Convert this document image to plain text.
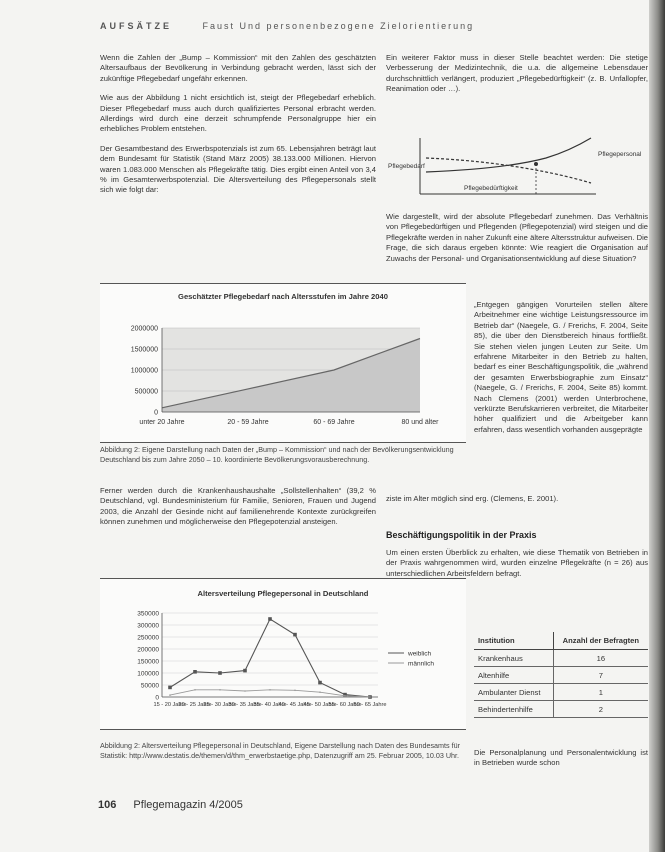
AUFSÄTZE	Faust Und personenbezogene Zielorientierung

Wenn die Zahlen der „Bump – Kommission“ mit den Zahlen des geschätzten Altersaufbaus der Bevölkerung in Verbindung gebracht werden, lässt sich der zukünftige Pflegebedarf ungefähr erkennen.

Wie aus der Abbildung 1 nicht ersichtlich ist, steigt der Pflegebedarf erheblich. Dieser Pflegebedarf muss auch durch qualifiziertes Personal erbracht werden. Allerdings wird durch eine derzeit schrumpfende Personalgruppe hier ein erhebliches Problem entstehen.

Der Gesamtbestand des Erwerbspotenzials ist zum 65. Lebensjahren beträgt laut dem Bundesamt für Statistik (Stand März 2005) 38.133.000 Millionen. Hiervon waren 1.083.000 Menschen als Pflegekräfte tätig. Dies ergibt einen Anteil von 3,4 % im Gesamterwerbspotenzial. Die Altersverteilung des Pflegepersonals stellt sich wie folgt dar:

Ein weiterer Faktor muss in dieser Stelle beachtet werden: Die stetige Verbesserung der Medizintechnik, die u.a. die allgemeine Lebensdauer durchschnittlich verlängert, produziert „Pflegebedürftigkeit“ (z. B. Unfallopfer, Reanimation oder …).

Pflegebedarf
Pflegepersonal
Pflegebedürftigkeit

Wie dargestellt, wird der absolute Pflegebedarf zunehmen. Das Verhältnis von Pflegebedürftigen und Pflegenden (Pflegepotenzial) wird steigen und die Pflegekräfte werden in naher Zukunft eine ältere Altersstruktur aufweisen. Die Frage, die sich daraus ergeben könnte: Wie reagiert die Organisation auf Zuwachs der Personal- und Organisationsentwicklung auf diese Situation?

Geschätzter Pflegebedarf nach Altersstufen im Jahre 2040
2000000
1500000
1000000
500000
0
unter 20 Jahre	20 - 59 Jahre	60 - 69 Jahre	80 und älter
Abbildung 2: Eigene Darstellung nach Daten der „Bump – Kommission“ und nach der Bevölkerungsentwicklung Deutschland bis zum Jahre 2050 – 10. koordinierte Bevölkerungsvorausberechnung.

„Entgegen gängigen Vorurteilen stellen ältere Arbeitnehmer eine wichtige Leistungsressource im Betrieb dar“ (Naegele, G. / Frerichs, F. 2004, Seite 85), die über den Dienstbereich hinaus fortfließt. Sie stehen vielen jungen Leuten zur Seite. Um erfahrene Mitarbeiter in den Betrieb zu halten, bedarf es einer Beschäftigungspolitik, die „während der gesamten Erwerbsbiographie zum Einsatz“ (Naegele, G. / Frerichs, F. 2004, Seite 85) kommt. Nach Clemens (2001) werden Unterbrochene, verkürzte Berufskarrieren verbreitet, die Mitarbeiter höher qualifiziert und die Arbeitgeber kann erfahren, dass wesentlich vorhanden ausgeprägte

ziste im Alter möglich sind erg. (Clemens, E. 2001).

Ferner werden durch die Krankenhaushaushalte „Sollstellenhalten“ (39,2 % Deutschland, vgl. Bundesministerium für Familie, Senioren, Frauen und Jugend 2003, die Anzahl der Gesinde nicht auf familienehrende Kontexte zurückgreifen können zunehmen und möglicherweise den Pflegepotenzial ansteigen.

Beschäftigungspolitik in der Praxis

Um einen ersten Überblick zu erhalten, wie diese Thematik von Betrieben in der Praxis wahrgenommen wird, wurden einzelne Pflegekräfte (n = 26) aus unterschiedlichen Arbeitsfeldern befragt.

Altersverteilung Pflegepersonal in Deutschland
350000
300000
250000
200000
150000
100000
50000
0
weiblich
männlich
15 - 20 Jahre
20 - 25 Jahre
25 - 30 Jahre
30 - 35 Jahre
35 - 40 Jahre
40 - 45 Jahre
45 - 50 Jahre
55 - 60 Jahre
60 - 65 Jahre
Abbildung 2: Altersverteilung Pflegepersonal in Deutschland, Eigene Darstellung nach Daten des Bundesamts für Statistik: http://www.destatis.de/themen/d/thm_erwerbstaetige.php, Datenzugriff am 25. Februar 2005, 10.03 Uhr.
Institution	Anzahl der Befragten
Krankenhaus	16
Altenhilfe	7
Ambulanter Dienst	1
Behindertenhilfe	2

Die Personalplanung und Personalentwicklung ist in Betrieben wurde schon

106 Pflegemagazin 4/2005
